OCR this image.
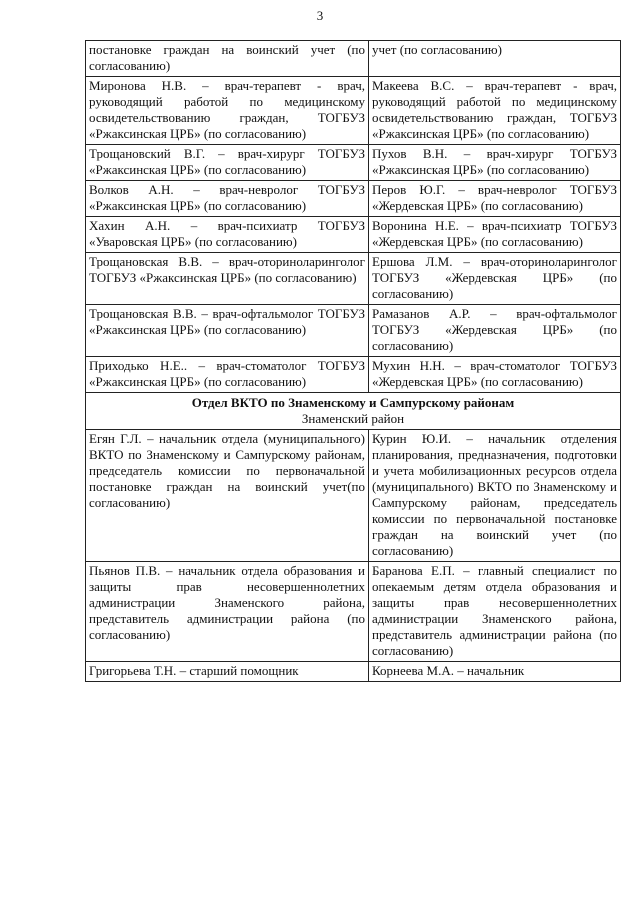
3
постановке граждан на воинский учет (по согласованию)	учет (по согласованию)
Миронова Н.В. – врач-терапевт - врач, руководящий работой по медицинскому освидетельствованию граждан, ТОГБУЗ «Ржаксинская ЦРБ» (по согласованию)	Макеева В.С. – врач-терапевт - врач, руководящий работой по медицинскому освидетельствованию граждан, ТОГБУЗ «Ржаксинская ЦРБ» (по согласованию)
Трощановский В.Г. – врач-хирург ТОГБУЗ «Ржаксинская ЦРБ» (по согласованию)	Пухов В.Н. – врач-хирург ТОГБУЗ «Ржаксинская ЦРБ» (по согласованию)
Волков А.Н. – врач-невролог ТОГБУЗ «Ржаксинская ЦРБ» (по согласованию)	Перов Ю.Г. – врач-невролог ТОГБУЗ «Жердевская ЦРБ» (по согласованию)
Хахин А.Н. – врач-психиатр ТОГБУЗ «Уваровская ЦРБ» (по согласованию)	Воронина Н.Е. – врач-психиатр ТОГБУЗ «Жердевская ЦРБ» (по согласованию)
Трощановская В.В. – врач-оториноларинголог ТОГБУЗ «Ржаксинская ЦРБ» (по согласованию)	Ершова Л.М. – врач-оториноларинголог ТОГБУЗ «Жердевская ЦРБ» (по согласованию)
Трощановская В.В. – врач-офтальмолог ТОГБУЗ «Ржаксинская ЦРБ» (по согласованию)	Рамазанов А.Р. – врач-офтальмолог ТОГБУЗ «Жердевская ЦРБ» (по согласованию)
Приходько Н.Е.. – врач-стоматолог ТОГБУЗ «Ржаксинская ЦРБ» (по согласованию)	Мухин Н.Н. – врач-стоматолог ТОГБУЗ «Жердевская ЦРБ» (по согласованию)

Отдел ВКТО по Знаменскому и Сампурскому районам
Знаменский район	

Егян Г.Л. – начальник отдела (муниципального) ВКТО по Знаменскому и Сампурскому районам, председатель комиссии по первоначальной постановке граждан на воинский учет(по согласованию)	Курин Ю.И. – начальник отделения планирования, предназначения, подготовки и учета мобилизационных ресурсов отдела (муниципального) ВКТО по Знаменскому и Сампурскому районам, председатель комиссии по первоначальной постановке граждан на воинский учет (по согласованию)
Пьянов П.В. – начальник отдела образования и защиты прав несовершеннолетних администрации Знаменского района, представитель администрации района (по согласованию)	Баранова Е.П. – главный специалист по опекаемым детям отдела образования и защиты прав несовершеннолетних администрации Знаменского района, представитель администрации района (по согласованию)
Григорьева Т.Н. – старший помощник	Корнеева М.А. – начальник
